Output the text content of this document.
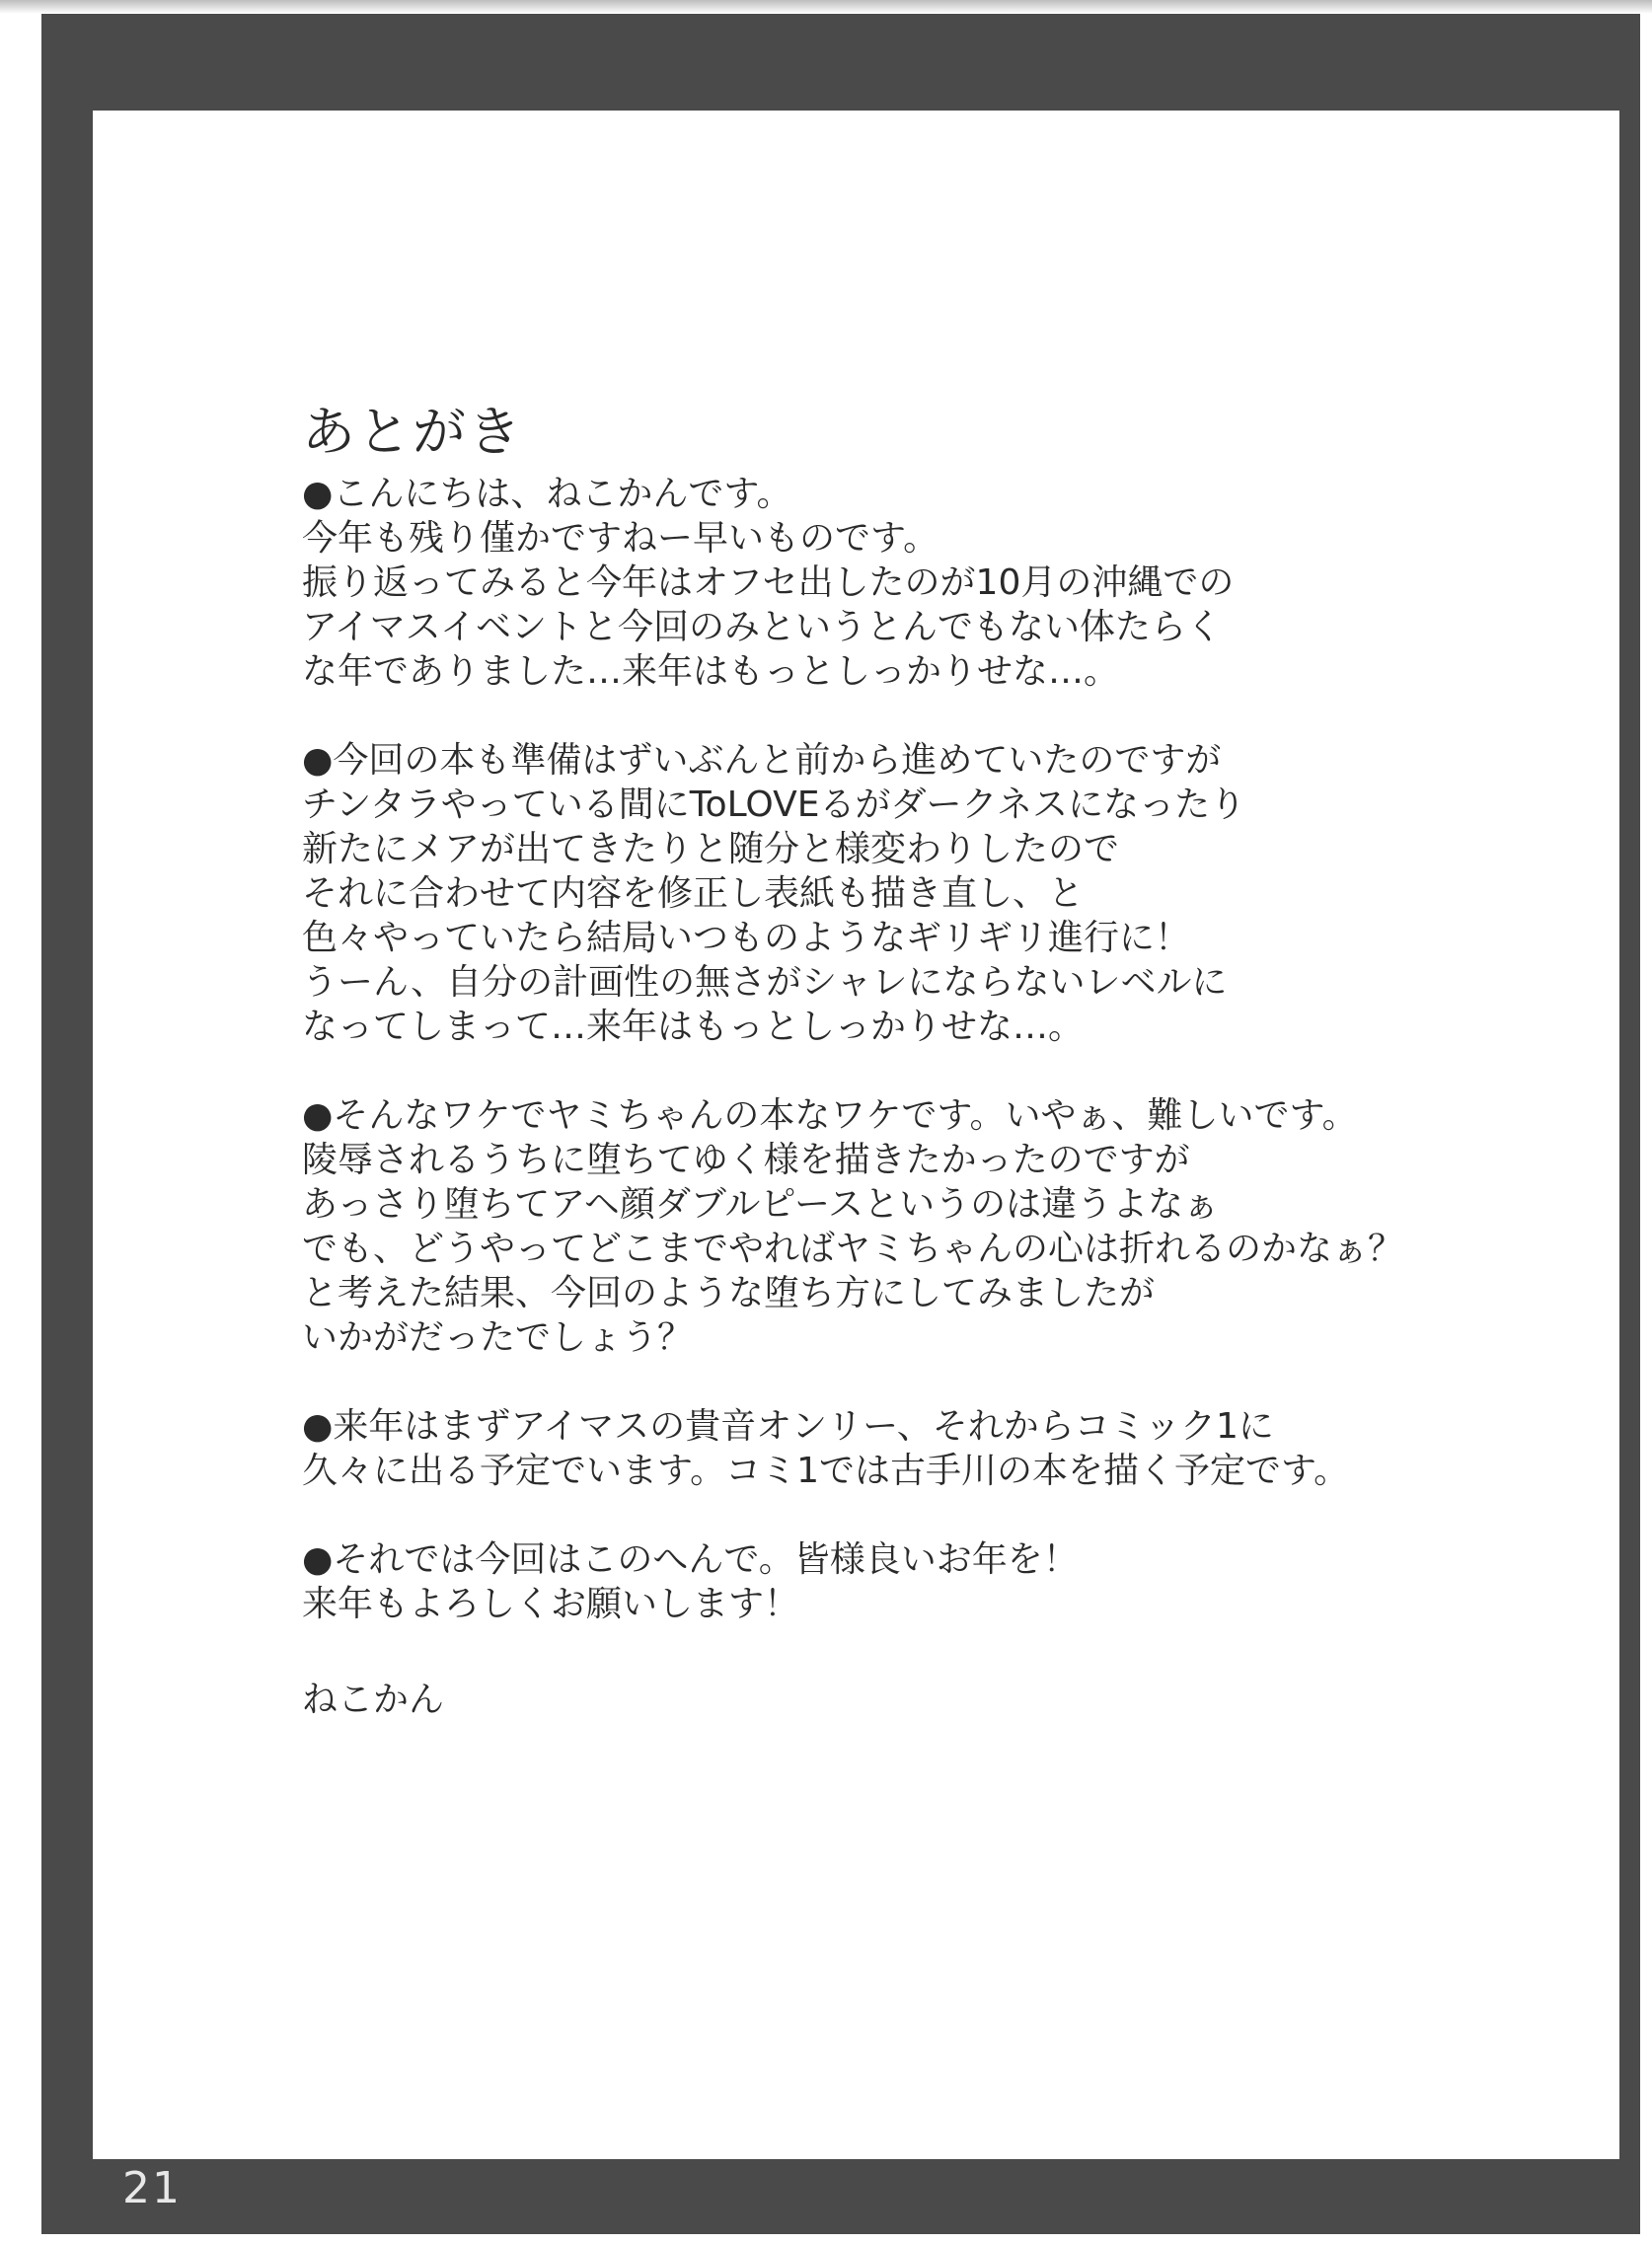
あとがき
●こんにちは、ねこかんです。
今年も残り僅かですねー早いものです。
振り返ってみると今年はオフセ出したのが10月の沖縄での
アイマスイベントと今回のみというとんでもない体たらく
な年でありました…来年はもっとしっかりせな…。
●今回の本も準備はずいぶんと前から進めていたのですが
チンタラやっている間にToLOVEるがダークネスになったり
新たにメアが出てきたりと随分と様変わりしたので
それに合わせて内容を修正し表紙も描き直し、と
色々やっていたら結局いつものようなギリギリ進行に！
うーん、自分の計画性の無さがシャレにならないレベルに
なってしまって…来年はもっとしっかりせな…。
●そんなワケでヤミちゃんの本なワケです。いやぁ、難しいです。
陵辱されるうちに堕ちてゆく様を描きたかったのですが
あっさり堕ちてアヘ顔ダブルピースというのは違うよなぁ
でも、どうやってどこまでやればヤミちゃんの心は折れるのかなぁ？
と考えた結果、今回のような堕ち方にしてみましたが
いかがだったでしょう？
●来年はまずアイマスの貴音オンリー、それからコミック1に
久々に出る予定でいます。コミ1では古手川の本を描く予定です。
●それでは今回はこのへんで。皆様良いお年を！
来年もよろしくお願いします！
ねこかん
21
